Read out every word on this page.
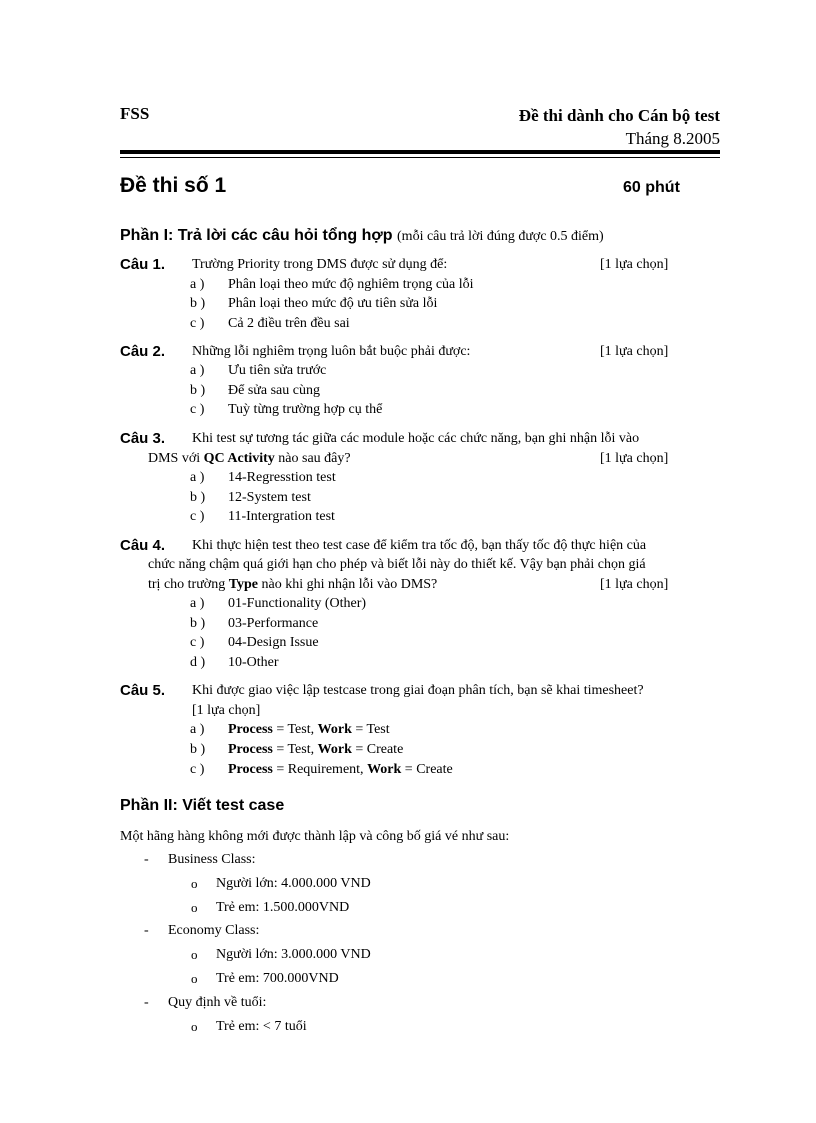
FSS	Đề thi dành cho Cán bộ test
Tháng 8.2005
Đề thi số 1	60 phút
Phần I: Trả lời các câu hỏi tổng hợp (mỗi câu trả lời đúng được 0.5 điểm)
Câu 1. Trường Priority trong DMS được sử dụng để:	[1 lựa chọn]
a ) Phân loại theo mức độ nghiêm trọng của lỗi
b ) Phân loại theo mức độ ưu tiên sửa lỗi
c ) Cả 2 điều trên đều sai
Câu 2. Những lỗi nghiêm trọng luôn bắt buộc phải được:	[1 lựa chọn]
a ) Ưu tiên sửa trước
b ) Để sửa sau cùng
c ) Tuỳ từng trường hợp cụ thể
Câu 3. Khi test sự tương tác giữa các module hoặc các chức năng, bạn ghi nhận lỗi vào
DMS với QC Activity nào sau đây?	[1 lựa chọn]
a ) 14-Regresstion test
b ) 12-System test
c ) 11-Intergration test
Câu 4. Khi thực hiện test theo test case để kiểm tra tốc độ, bạn thấy tốc độ thực hiện của
chức năng chậm quá giới hạn cho phép và biết lỗi này do thiết kế. Vậy bạn phải chọn giá
trị cho trường Type nào khi ghi nhận lỗi vào DMS?	[1 lựa chọn]
a ) 01-Functionality (Other)
b ) 03-Performance
c ) 04-Design Issue
d ) 10-Other
Câu 5. Khi được giao việc lập testcase trong giai đoạn phân tích, bạn sẽ khai timesheet?
[1 lựa chọn]
a ) Process = Test, Work = Test
b ) Process = Test, Work = Create
c ) Process = Requirement, Work = Create
Phần II: Viết test case
Một hãng hàng không mới được thành lập và công bố giá vé như sau:
- Business Class:
o Người lớn: 4.000.000 VND
o Trẻ em: 1.500.000VND
- Economy Class:
o Người lớn: 3.000.000 VND
o Trẻ em: 700.000VND
- Quy định về tuổi:
o Trẻ em: < 7 tuổi
